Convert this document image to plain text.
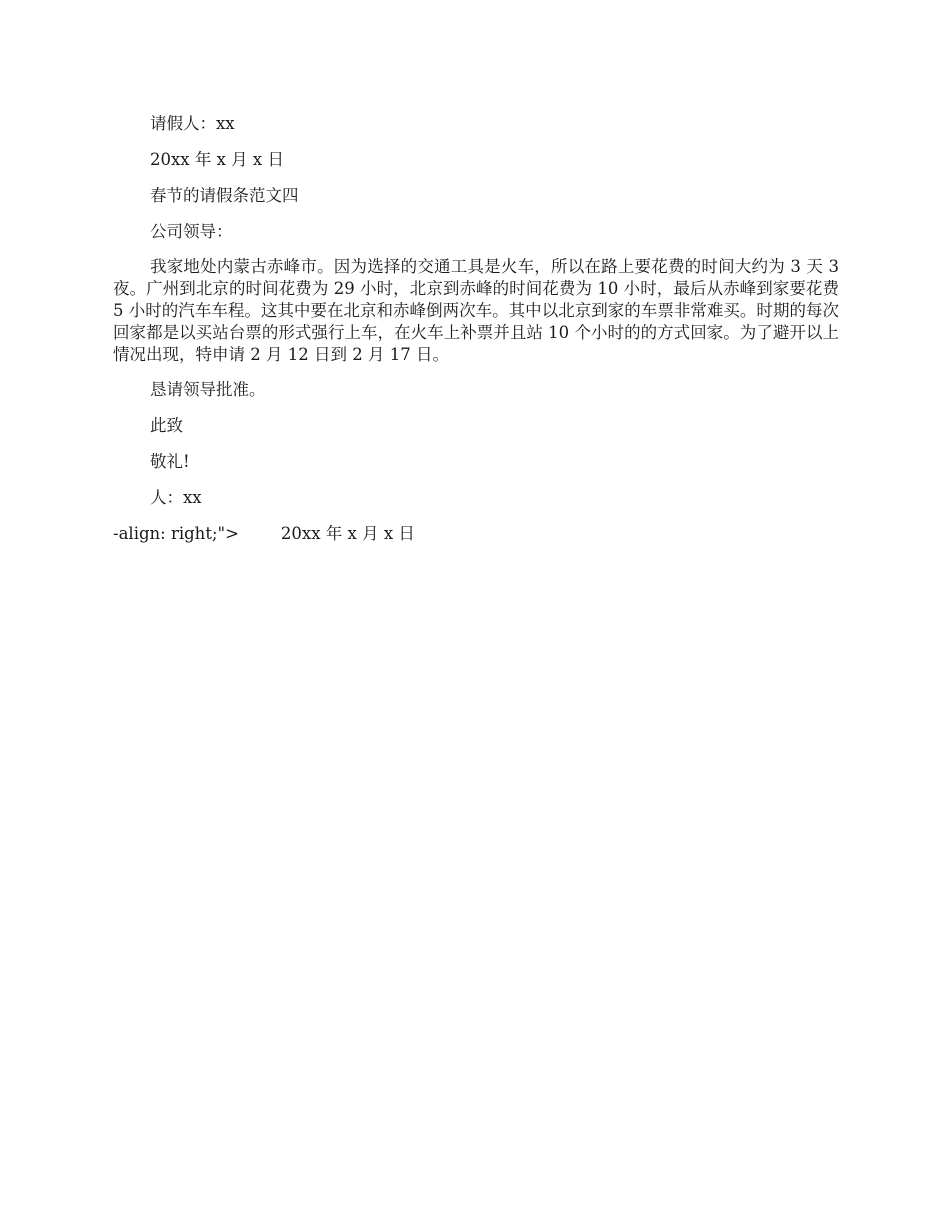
请假人：xx

20xx 年 x 月 x 日

春节的请假条范文四

公司领导：

我家地处内蒙古赤峰市。因为选择的交通工具是火车，所以在路上要花费的时间大约为 3 天 3 夜。广州到北京的时间花费为 29 小时，北京到赤峰的时间花费为 10 小时，最后从赤峰到家要花费 5 小时的汽车车程。这其中要在北京和赤峰倒两次车。其中以北京到家的车票非常难买。时期的每次回家都是以买站台票的形式强行上车，在火车上补票并且站 10 个小时的的方式回家。为了避开以上情况出现，特申请 2 月 12 日到 2 月 17 日。

恳请领导批准。

此致

敬礼!

人：xx

-align: right;">	20xx 年 x 月 x 日
